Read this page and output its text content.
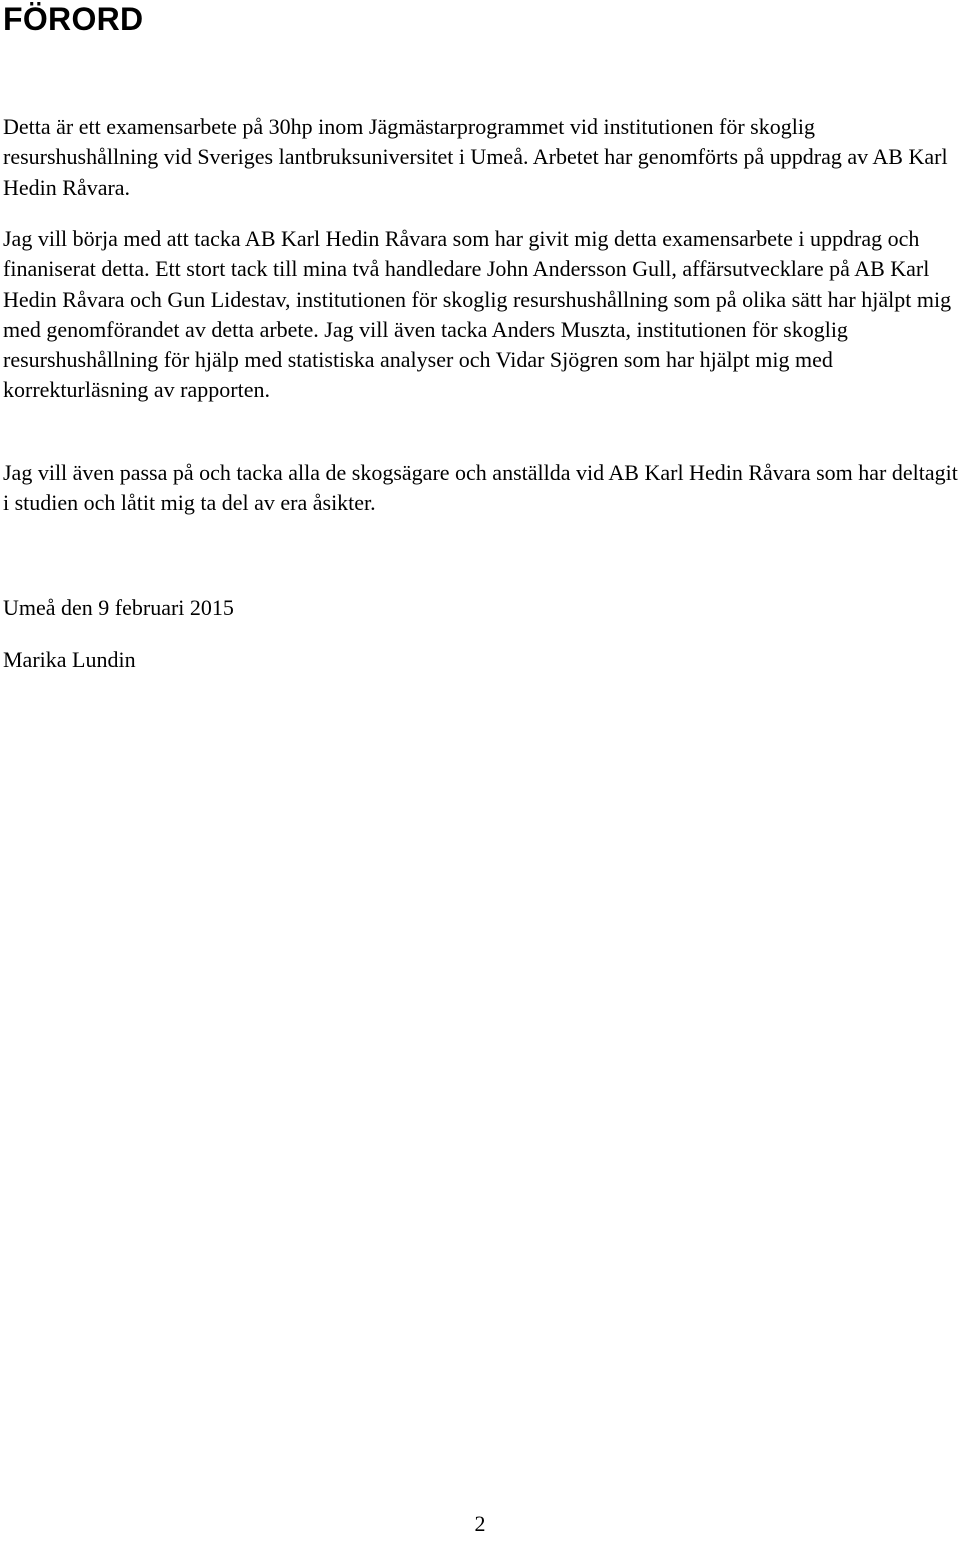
FÖRORD

Detta är ett examensarbete på 30hp inom Jägmästarprogrammet vid institutionen för skoglig resurshushållning vid Sveriges lantbruksuniversitet i Umeå. Arbetet har genomförts på uppdrag av AB Karl Hedin Råvara.

Jag vill börja med att tacka AB Karl Hedin Råvara som har givit mig detta examensarbete i uppdrag och finaniserat detta. Ett stort tack till mina två handledare John Andersson Gull, affärsutvecklare på AB Karl Hedin Råvara och Gun Lidestav, institutionen för skoglig resurshushållning som på olika sätt har hjälpt mig med genomförandet av detta arbete. Jag vill även tacka Anders Muszta, institutionen för skoglig resurshushållning för hjälp med statistiska analyser och Vidar Sjögren som har hjälpt mig med korrekturläsning av rapporten.

Jag vill även passa på och tacka alla de skogsägare och anställda vid AB Karl Hedin Råvara som har deltagit i studien och låtit mig ta del av era åsikter.

Umeå den 9 februari 2015

Marika Lundin

2
